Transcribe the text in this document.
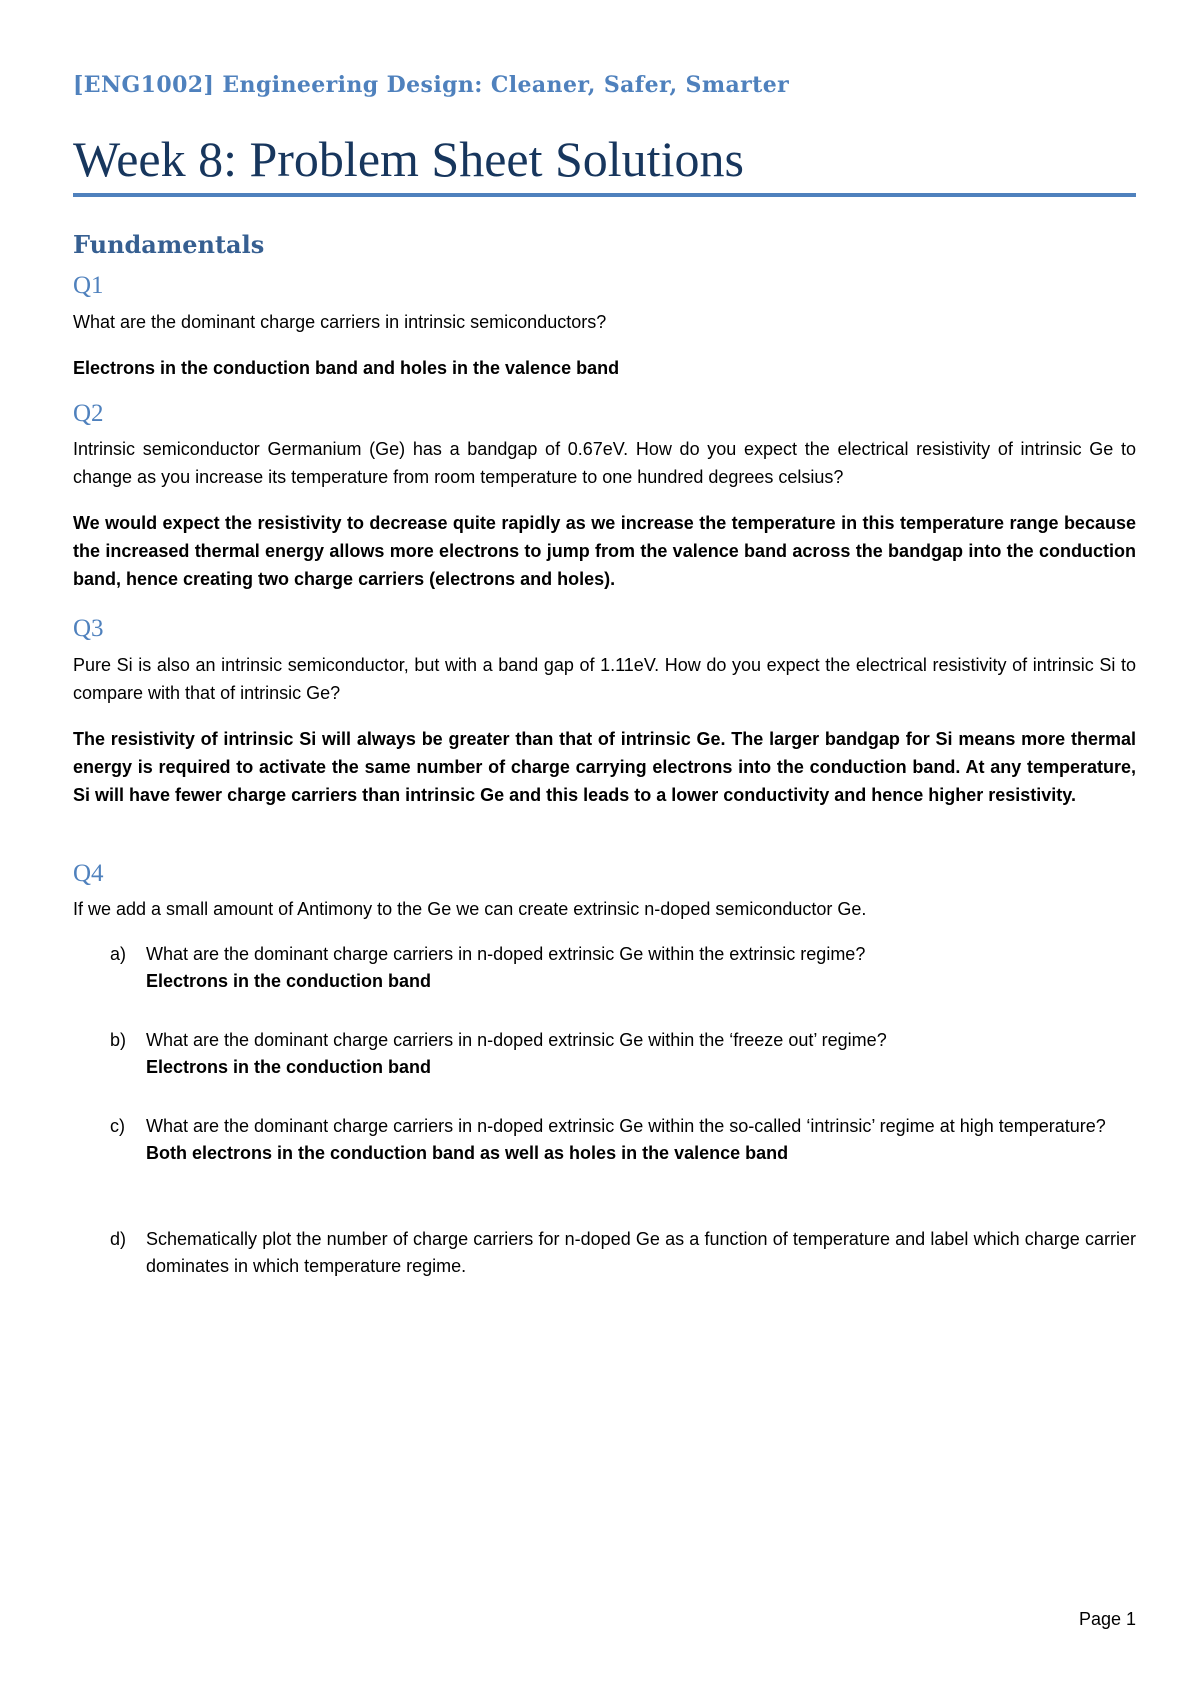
[ENG1002] Engineering Design: Cleaner, Safer, Smarter
Week 8: Problem Sheet Solutions
Fundamentals
Q1
What are the dominant charge carriers in intrinsic semiconductors?
Electrons in the conduction band and holes in the valence band
Q2
Intrinsic semiconductor Germanium (Ge) has a bandgap of 0.67eV. How do you expect the electrical resistivity of intrinsic Ge to change as you increase its temperature from room temperature to one hundred degrees celsius?
We would expect the resistivity to decrease quite rapidly as we increase the temperature in this temperature range because the increased thermal energy allows more electrons to jump from the valence band across the bandgap into the conduction band, hence creating two charge carriers (electrons and holes).
Q3
Pure Si is also an intrinsic semiconductor, but with a band gap of 1.11eV. How do you expect the electrical resistivity of intrinsic Si to compare with that of intrinsic Ge?
The resistivity of intrinsic Si will always be greater than that of intrinsic Ge. The larger bandgap for Si means more thermal energy is required to activate the same number of charge carrying electrons into the conduction band. At any temperature, Si will have fewer charge carriers than intrinsic Ge and this leads to a lower conductivity and hence higher resistivity.
Q4
If we add a small amount of Antimony to the Ge we can create extrinsic n-doped semiconductor Ge.
a)	What are the dominant charge carriers in n-doped extrinsic Ge within the extrinsic regime?
Electrons in the conduction band
b)	What are the dominant charge carriers in n-doped extrinsic Ge within the ‘freeze out’ regime?
Electrons in the conduction band
c)	What are the dominant charge carriers in n-doped extrinsic Ge within the so-called ‘intrinsic’ regime at high temperature?
Both electrons in the conduction band as well as holes in the valence band
d)	Schematically plot the number of charge carriers for n-doped Ge as a function of temperature and label which charge carrier dominates in which temperature regime.
Page 1
